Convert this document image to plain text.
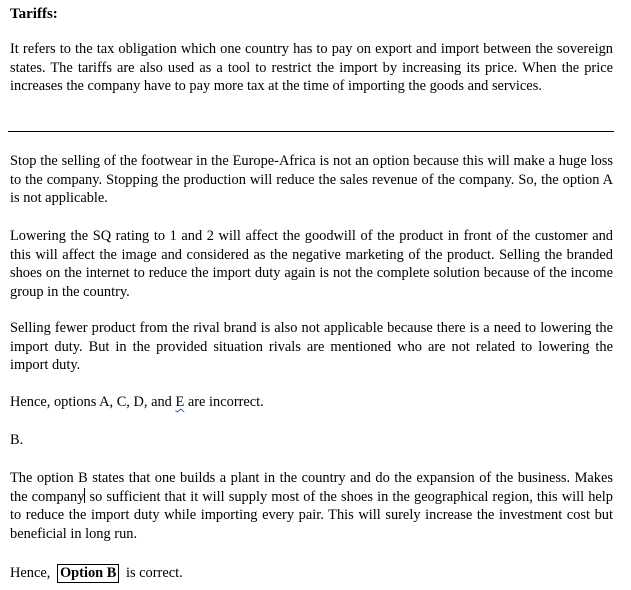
Tariffs:
It refers to the tax obligation which one country has to pay on export and import between the sovereign states. The tariffs are also used as a tool to restrict the import by increasing its price. When the price increases the company have to pay more tax at the time of importing the goods and services.
Stop the selling of the footwear in the Europe-Africa is not an option because this will make a huge loss to the company. Stopping the production will reduce the sales revenue of the company. So, the option A is not applicable.
Lowering the SQ rating to 1 and 2 will affect the goodwill of the product in front of the customer and this will affect the image and considered as the negative marketing of the product. Selling the branded shoes on the internet to reduce the import duty again is not the complete solution because of the income group in the country.
Selling fewer product from the rival brand is also not applicable because there is a need to lowering the import duty. But in the provided situation rivals are mentioned who are not related to lowering the import duty.
Hence, options A, C, D, and E are incorrect.
B.
The option B states that one builds a plant in the country and do the expansion of the business. Makes the company so sufficient that it will supply most of the shoes in the geographical region, this will help to reduce the import duty while importing every pair. This will surely increase the investment cost but beneficial in long run.
Hence, Option B is correct.
